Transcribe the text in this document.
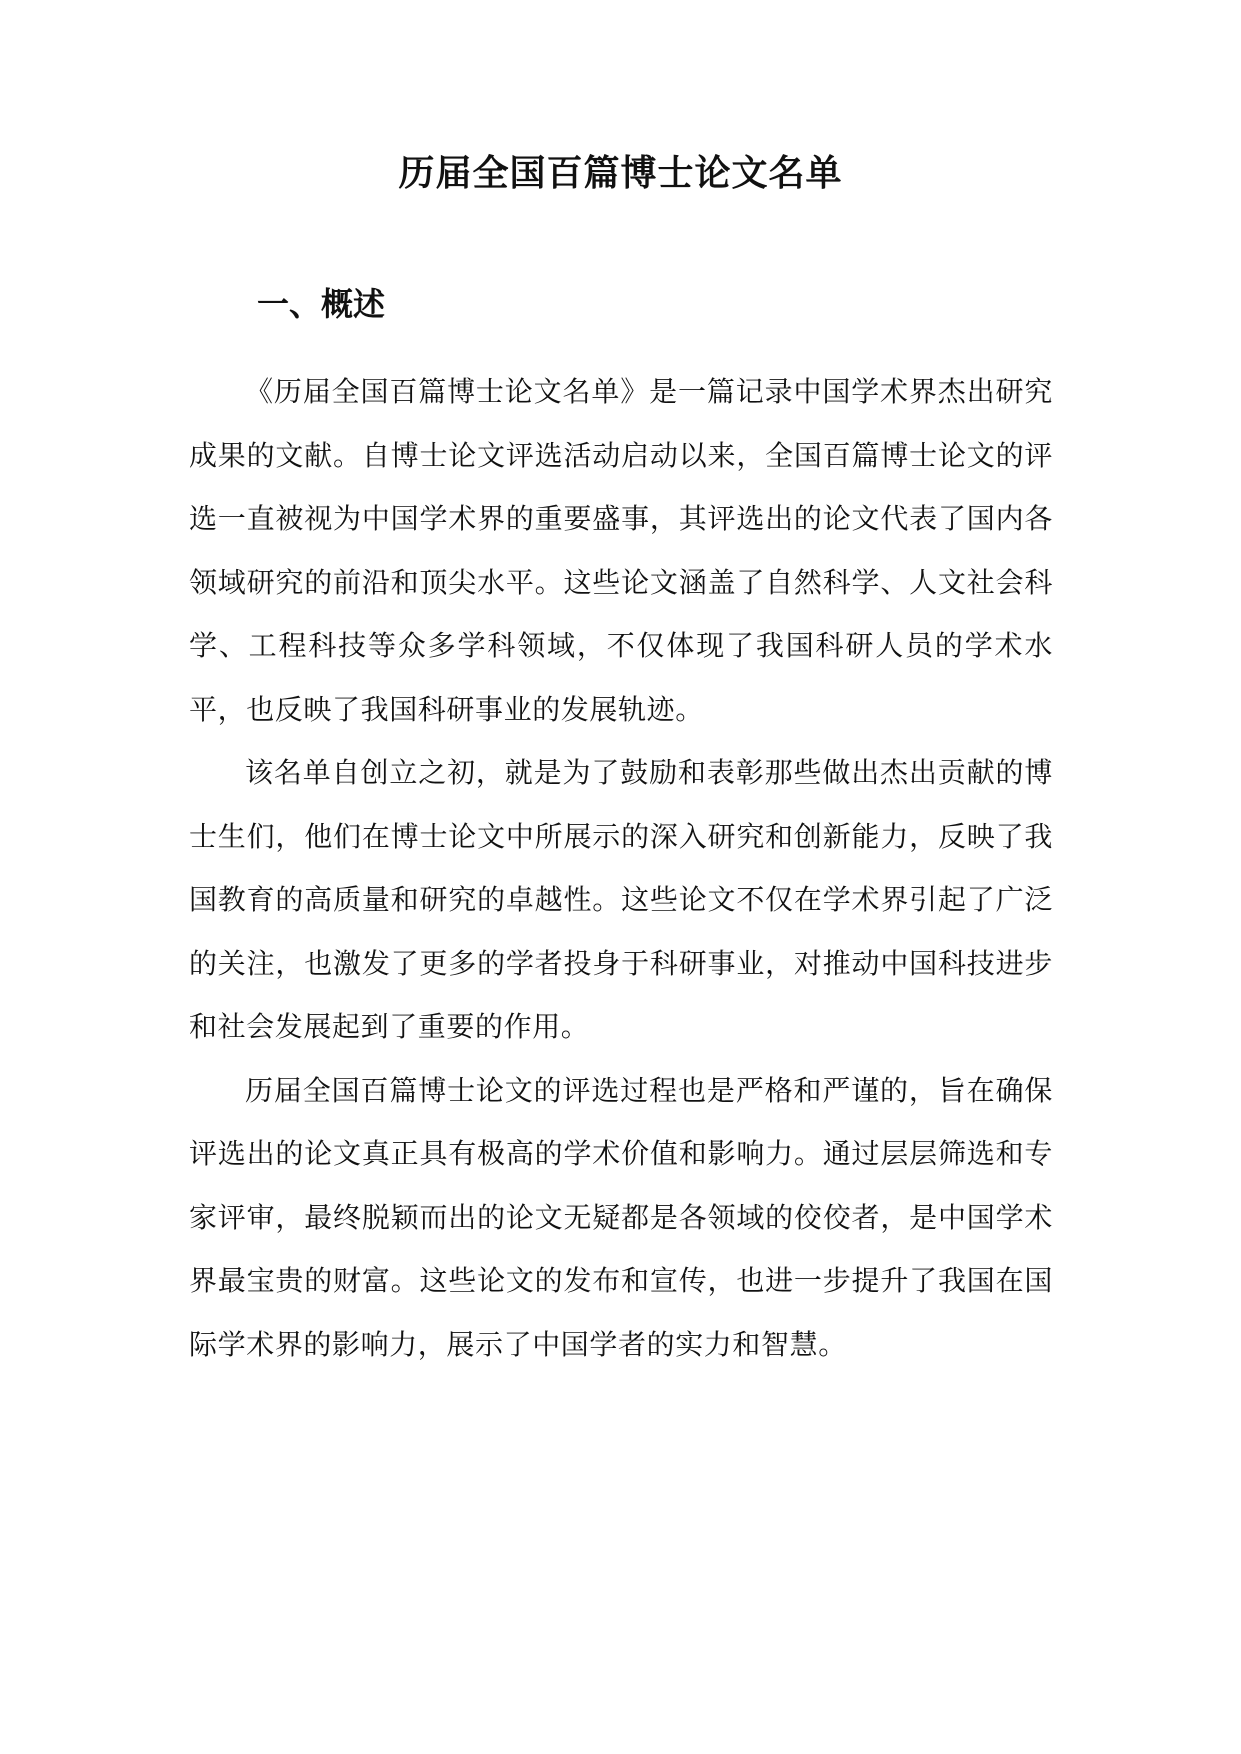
历届全国百篇博士论文名单
一、概述

《历届全国百篇博士论文名单》是一篇记录中国学术界杰出研究成果的文献。自博士论文评选活动启动以来，全国百篇博士论文的评选一直被视为中国学术界的重要盛事，其评选出的论文代表了国内各领域研究的前沿和顶尖水平。这些论文涵盖了自然科学、人文社会科学、工程科技等众多学科领域，不仅体现了我国科研人员的学术水平，也反映了我国科研事业的发展轨迹。

该名单自创立之初，就是为了鼓励和表彰那些做出杰出贡献的博士生们，他们在博士论文中所展示的深入研究和创新能力，反映了我国教育的高质量和研究的卓越性。这些论文不仅在学术界引起了广泛的关注，也激发了更多的学者投身于科研事业，对推动中国科技进步和社会发展起到了重要的作用。

历届全国百篇博士论文的评选过程也是严格和严谨的，旨在确保评选出的论文真正具有极高的学术价值和影响力。通过层层筛选和专家评审，最终脱颖而出的论文无疑都是各领域的佼佼者，是中国学术界最宝贵的财富。这些论文的发布和宣传，也进一步提升了我国在国际学术界的影响力，展示了中国学者的实力和智慧。
